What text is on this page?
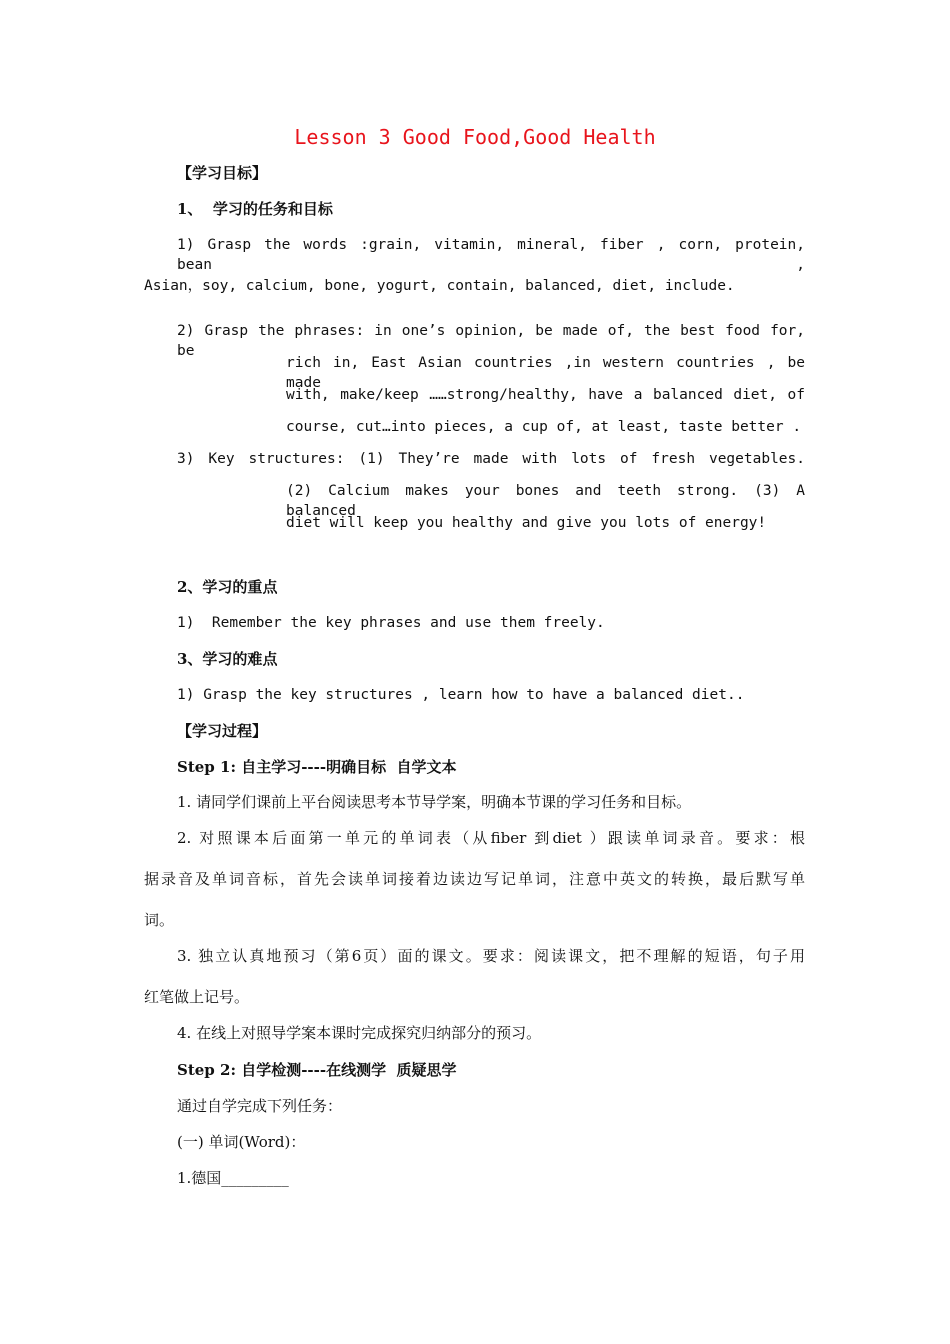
Lesson 3 Good Food,Good Health
【学习目标】
1、  学习的任务和目标
1) Grasp the words :grain, vitamin, mineral, fiber , corn, protein, bean ,
Asian，soy, calcium, bone, yogurt, contain, balanced, diet, include.
2) Grasp the phrases: in one’s opinion, be made of, the best food for, be
rich in, East Asian countries ,in western countries , be made
with, make/keep ……strong/healthy, have a balanced diet, of
course, cut…into pieces, a cup of, at least, taste better .
3) Key structures: (1) They’re made with lots of fresh vegetables.
(2) Calcium makes your bones and teeth strong. (3) A balanced
diet will keep you healthy and give you lots of energy!
2、学习的重点
1)  Remember the key phrases and use them freely.
3、学习的难点
1) Grasp the key structures , learn how to have a balanced diet..
【学习过程】
Step 1: 自主学习----明确目标  自学文本
1. 请同学们课前上平台阅读思考本节导学案，明确本节课的学习任务和目标。
2. 对照课本后面第一单元的单词表（从fiber 到diet ）跟读单词录音。要求：根
据录音及单词音标，首先会读单词接着边读边写记单词，注意中英文的转换，最后默写单
词。
3. 独立认真地预习（第6页）面的课文。要求：阅读课文，把不理解的短语，句子用
红笔做上记号。
4. 在线上对照导学案本课时完成探究归纳部分的预习。
Step 2: 自学检测----在线测学  质疑思学
通过自学完成下列任务：
(一) 单词(Word)：
1.德国_________
